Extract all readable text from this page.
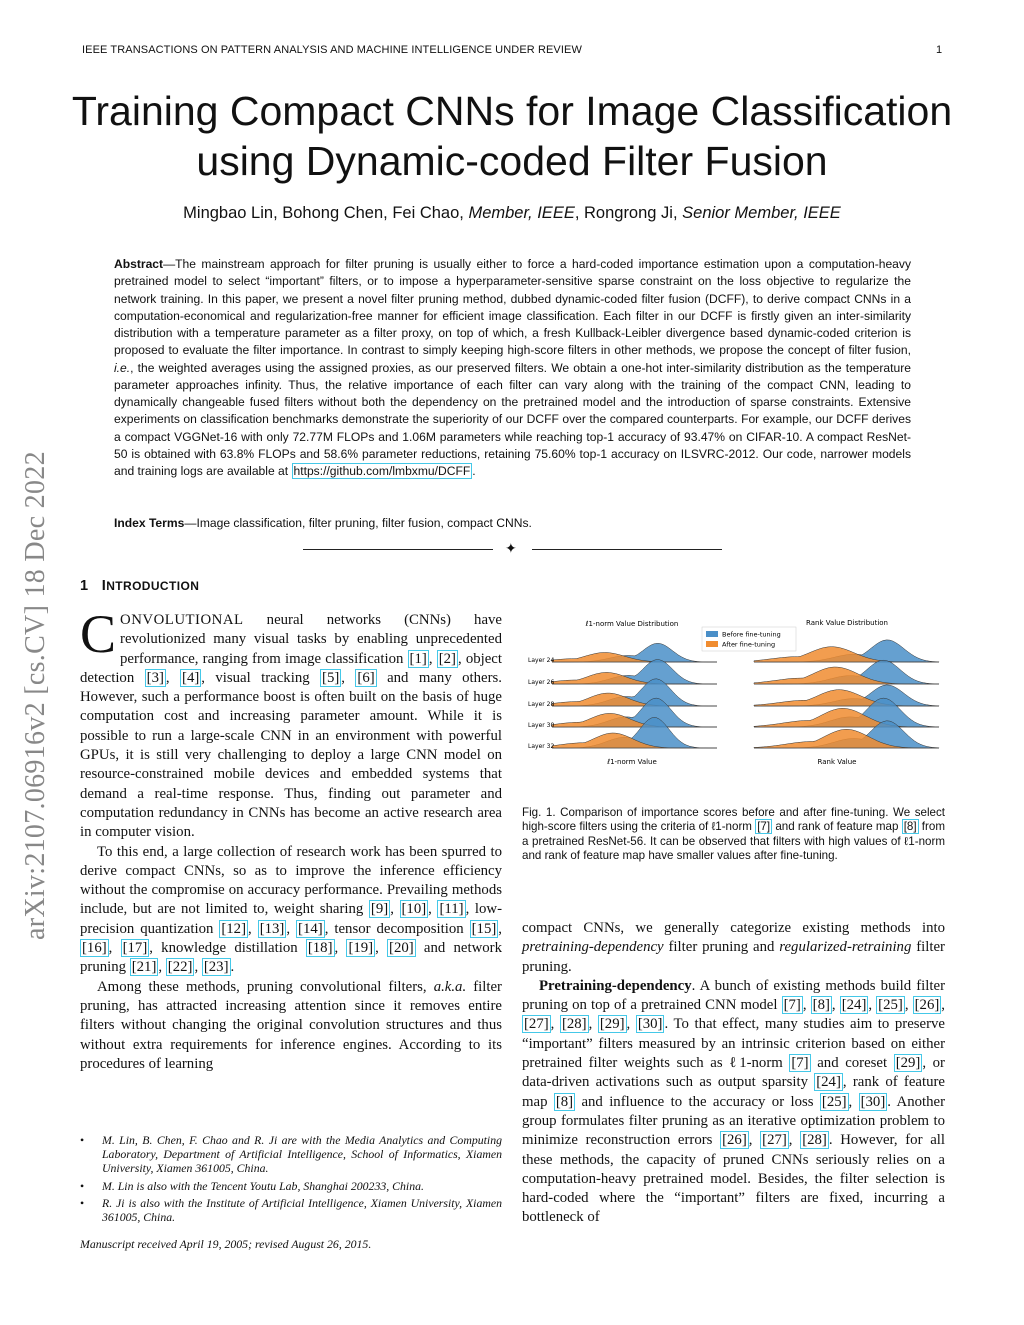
IEEE TRANSACTIONS ON PATTERN ANALYSIS AND MACHINE INTELLIGENCE UNDER REVIEW	1
Training Compact CNNs for Image Classification
using Dynamic-coded Filter Fusion
Mingbao Lin, Bohong Chen, Fei Chao, Member, IEEE, Rongrong Ji, Senior Member, IEEE
Abstract—The mainstream approach for filter pruning is usually either to force a hard-coded importance estimation upon a computation-heavy pretrained model to select “important” filters, or to impose a hyperparameter-sensitive sparse constraint on the loss objective to regularize the network training. In this paper, we present a novel filter pruning method, dubbed dynamic-coded filter fusion (DCFF), to derive compact CNNs in a computation-economical and regularization-free manner for efficient image classification. Each filter in our DCFF is firstly given an inter-similarity distribution with a temperature parameter as a filter proxy, on top of which, a fresh Kullback-Leibler divergence based dynamic-coded criterion is proposed to evaluate the filter importance. In contrast to simply keeping high-score filters in other methods, we propose the concept of filter fusion, i.e., the weighted averages using the assigned proxies, as our preserved filters. We obtain a one-hot inter-similarity distribution as the temperature parameter approaches infinity. Thus, the relative importance of each filter can vary along with the training of the compact CNN, leading to dynamically changeable fused filters without both the dependency on the pretrained model and the introduction of sparse constraints. Extensive experiments on classification benchmarks demonstrate the superiority of our DCFF over the compared counterparts. For example, our DCFF derives a compact VGGNet-16 with only 72.77M FLOPs and 1.06M parameters while reaching top-1 accuracy of 93.47% on CIFAR-10. A compact ResNet-50 is obtained with 63.8% FLOPs and 58.6% parameter reductions, retaining 75.60% top-1 accuracy on ILSVRC-2012. Our code, narrower models and training logs are available at https://github.com/lmbxmu/DCFF .
Index Terms—Image classification, filter pruning, filter fusion, compact CNNs.
✦
arXiv:2107.06916v2 [cs.CV] 18 Dec 2022 1 INTRODUCTION

CONVOLUTIONAL neural networks (CNNs) have revolutionized many visual tasks by enabling unprecedented performance, ranging from image classification [1] , [2] , object detection [3] , [4] , visual tracking [5] , [6] and many others. However, such a performance boost is often built on the basis of huge computation cost and increasing parameter amount. While it is possible to run a large-scale CNN in an environment with powerful GPUs, it is still very challenging to deploy a large CNN model on resource-constrained mobile devices and embedded systems that demand a real-time response. Thus, finding out parameter and computation redundancy in CNNs has become an active research area in computer vision.

To this end, a large collection of research work has been spurred to derive compact CNNs, so as to improve the inference efficiency without the compromise on accuracy performance. Prevailing methods include, but are not limited to, weight sharing [9] , [10] , [11] , low-precision quantization [12] , [13] , [14] , tensor decomposition [15] , [16] , [17] , knowledge distillation [18] , [19] , [20] and network pruning [21] , [22] , [23] .

Among these methods, pruning convolutional filters, a.k.a. filter pruning, has attracted increasing attention since it removes entire filters without changing the original convolution structures and thus without extra requirements for inference engines. According to its procedures of learning

• M. Lin, B. Chen, F. Chao and R. Ji are with the Media Analytics and Computing Laboratory, Department of Artificial Intelligence, School of Informatics, Xiamen University, Xiamen 361005, China.
• M. Lin is also with the Tencent Youtu Lab, Shanghai 200233, China.
• R. Ji is also with the Institute of Artificial Intelligence, Xiamen University, Xiamen 361005, China.
Manuscript received April 19, 2005; revised August 26, 2015.
ℓ1-norm Value Distribution	Rank Value Distribution
Layer 24
Layer 26
Layer 28
Layer 30
Layer 32
ℓ1-norm Value	Rank Value
Before fine-tuning
After fine-tuning
Fig. 1. Comparison of importance scores before and after fine-tuning. We select high-score filters using the criteria of ℓ1-norm [7] and rank of feature map [8] from a pretrained ResNet-56. It can be observed that filters with high values of ℓ1-norm and rank of feature map have smaller values after fine-tuning.

compact CNNs, we generally categorize existing methods into pretraining-dependency filter pruning and regularized-retraining filter pruning.

Pretraining-dependency. A bunch of existing methods build filter pruning on top of a pretrained CNN model [7] , [8] , [24] , [25] , [26] , [27] , [28] , [29] , [30] . To that effect, many studies aim to preserve “important” filters measured by an intrinsic criterion based on either pretrained filter weights such as ℓ1-norm [7] and coreset [29] , or data-driven activations such as output sparsity [24] , rank of feature map [8] and influence to the accuracy or loss [25] , [30] . Another group formulates filter pruning as an iterative optimization problem to minimize reconstruction errors [26] , [27] , [28] . However, for all these methods, the capacity of pruned CNNs seriously relies on a computation-heavy pretrained model. Besides, the filter selection is hard-coded where the “important” filters are fixed, incurring a bottleneck of
